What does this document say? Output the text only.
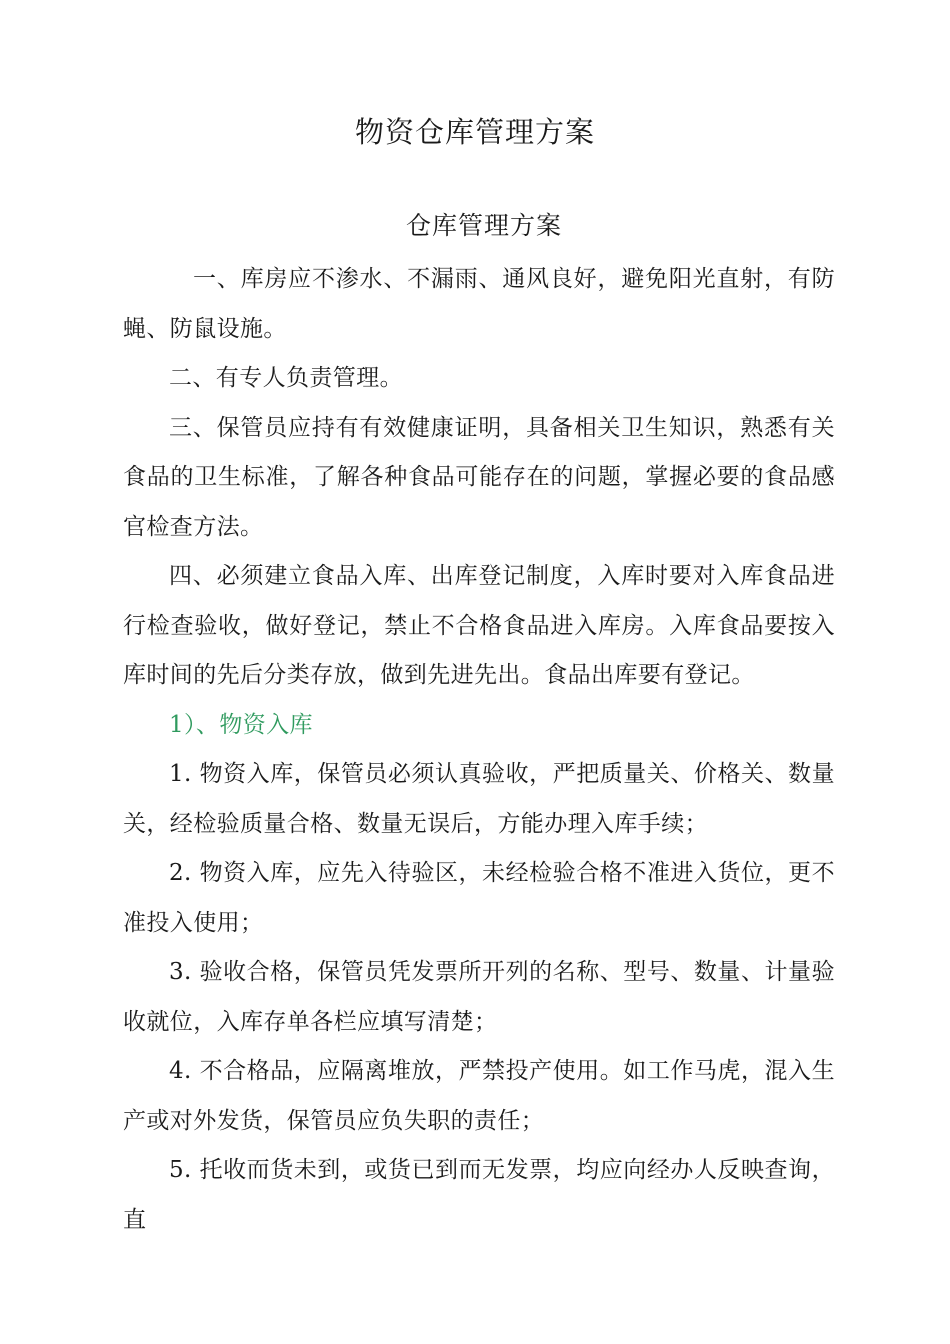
物资仓库管理方案
仓库管理方案

一、库房应不渗水、不漏雨、通风良好，避免阳光直射，有防蝇、防鼠设施。

二、有专人负责管理。

三、保管员应持有有效健康证明，具备相关卫生知识，熟悉有关食品的卫生标准，了解各种食品可能存在的问题，掌握必要的食品感官检查方法。

四、必须建立食品入库、出库登记制度，入库时要对入库食品进行检查验收，做好登记，禁止不合格食品进入库房。入库食品要按入库时间的先后分类存放，做到先进先出。食品出库要有登记。

1）、物资入库

1. 物资入库，保管员必须认真验收，严把质量关、价格关、数量关，经检验质量合格、数量无误后，方能办理入库手续；

2. 物资入库，应先入待验区，未经检验合格不准进入货位，更不准投入使用；

3. 验收合格，保管员凭发票所开列的名称、型号、数量、计量验收就位，入库存单各栏应填写清楚；

4. 不合格品，应隔离堆放，严禁投产使用。如工作马虎，混入生产或对外发货，保管员应负失职的责任；

5. 托收而货未到，或货已到而无发票，均应向经办人反映查询，直
